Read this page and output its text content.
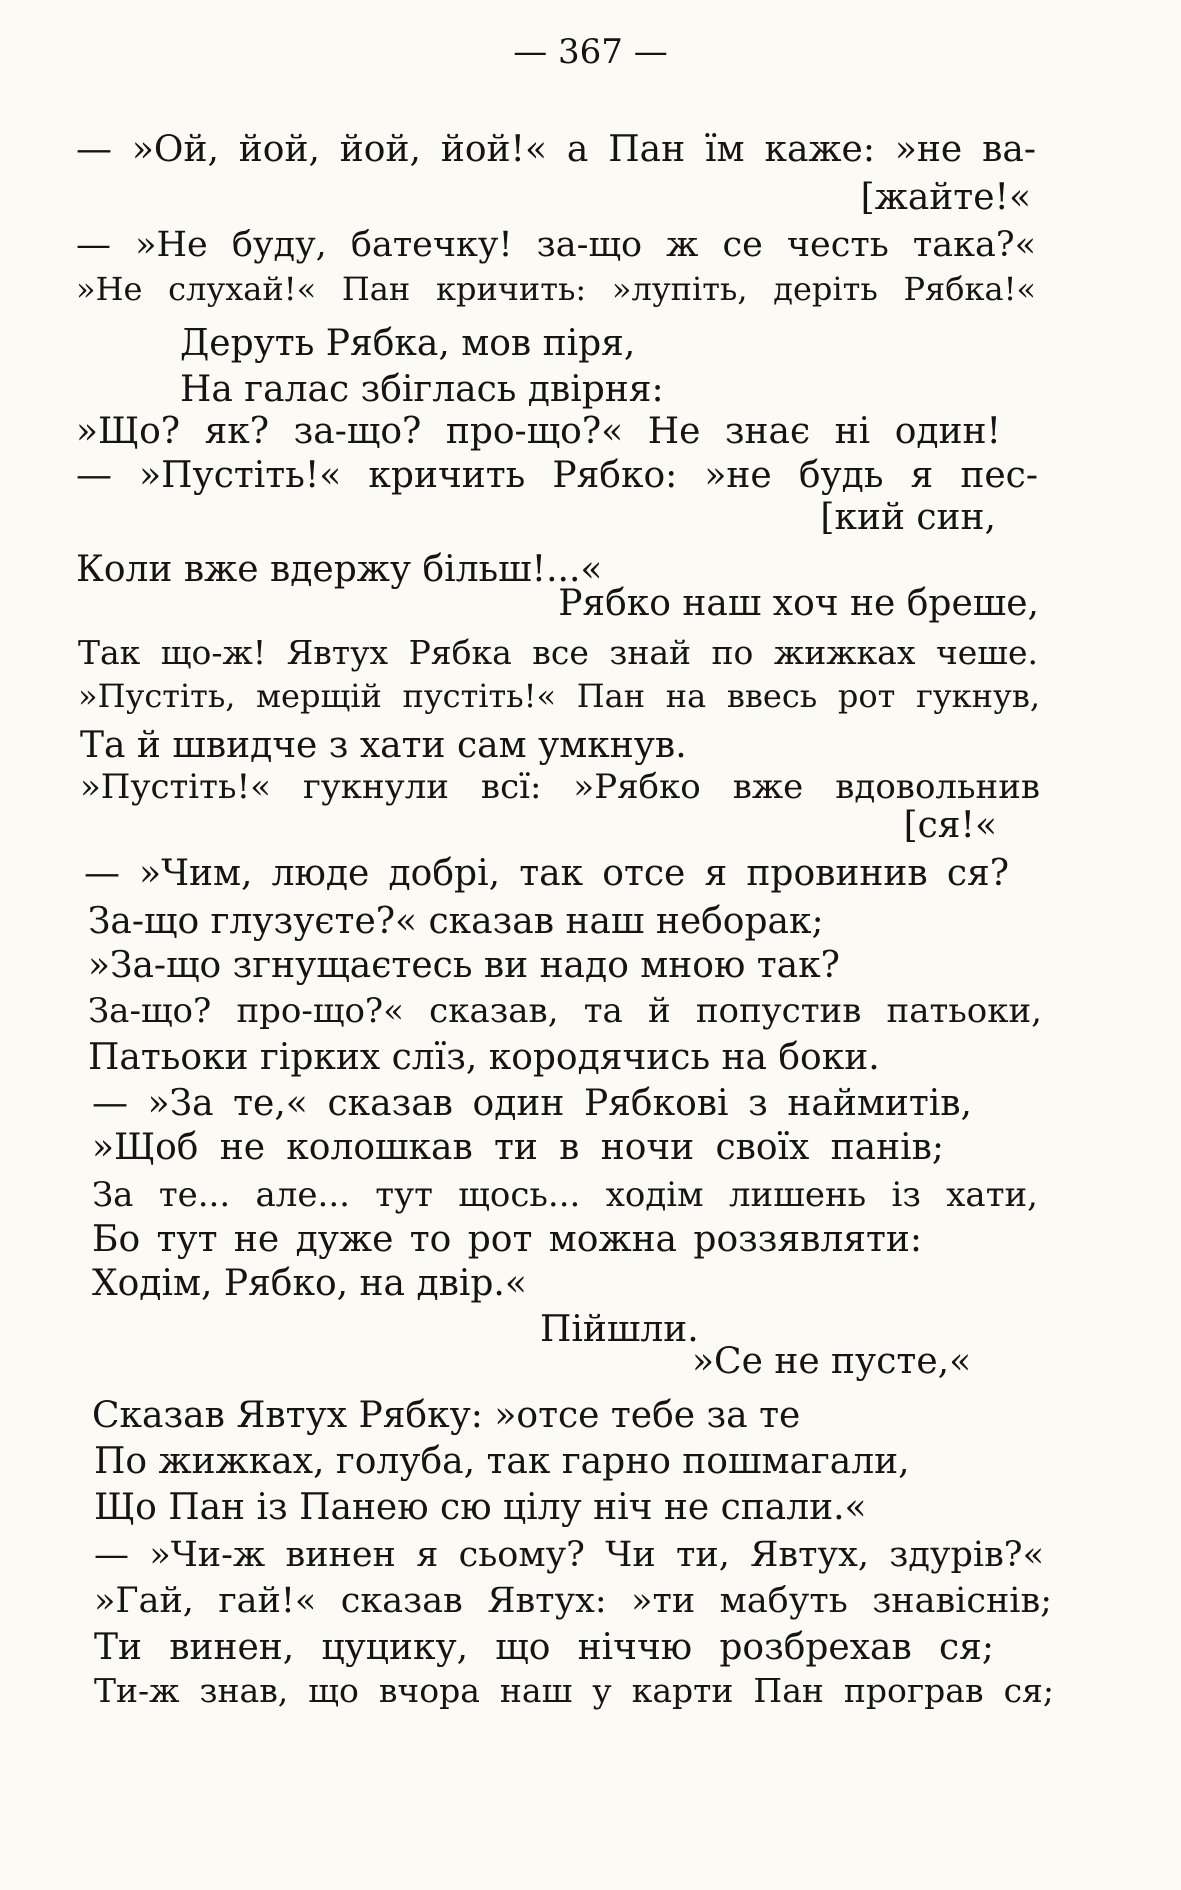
— 367 —
— »Ой, йой, йой, йой!« а Пан їм каже: »не ва-
[жайте!«
— »Не буду, батечку! за-що ж се честь така?«
»Не слухай!« Пан кричить: »лупіть, деріть Рябка!«
Деруть Рябка, мов піря,
На галас збіглась двірня:
»Що? як? за-що? про-що?« Не знає ні один!
— »Пустіть!« кричить Рябко: »не будь я пес-
[кий син,
Коли вже вдержу більш!...«
Рябко наш хоч не бреше,
Так що-ж! Явтух Рябка все знай по жижках чеше.
»Пустіть, мерщій пустіть!« Пан на ввесь рот гукнув,
Та й швидче з хати сам умкнув.
»Пустіть!« гукнули всї: »Рябко вже вдовольнив
[ся!«
— »Чим, люде добрі, так отсе я провинив ся?
За-що глузуєте?« сказав наш неборак;
»За-що згнущаєтесь ви надо мною так?
За-що? про-що?« сказав, та й попустив патьоки,
Патьоки гірких слїз, кородячись на боки.
— »За те,« сказав один Рябкові з наймитів,
»Щоб не колошкав ти в ночи своїх панів;
За те... але... тут щось... ходім лишень із хати,
Бо тут не дуже то рот можна роззявляти:
Ходім, Рябко, на двір.«
Пійшли.
»Се не пусте,«
Сказав Явтух Рябку: »отсе тебе за те
По жижках, голуба, так гарно пошмагали,
Що Пан із Панею сю цілу ніч не спали.«
— »Чи-ж винен я сьому? Чи ти, Явтух, здурів?«
»Гай, гай!« сказав Явтух: »ти мабуть знавіснів;
Ти винен, цуцику, що ніччю розбрехав ся;
Ти-ж знав, що вчора наш у карти Пан програв ся;
